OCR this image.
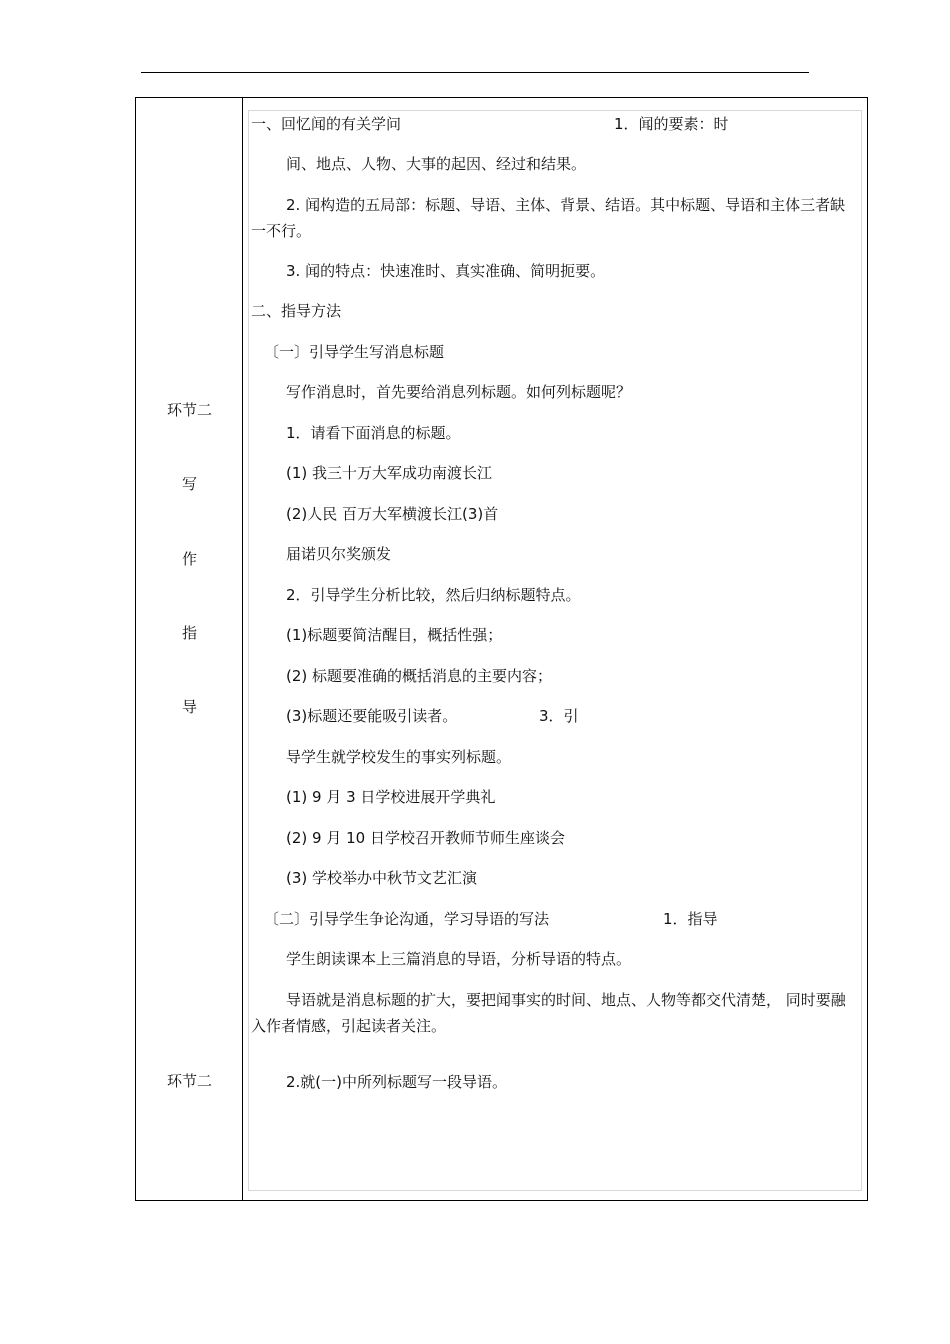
环节二
写
作
指
导
环节二
一、回忆闻的有关学问	1．闻的要素：时
间、地点、人物、大事的起因、经过和结果。
2. 闻构造的五局部：标题、导语、主体、背景、结语。其中标题、导语和主体三者缺一不行。
3. 闻的特点：快速准时、真实准确、简明扼要。
二、指导方法
〔一〕引导学生写消息标题
写作消息时，首先要给消息列标题。如何列标题呢？
1．请看下面消息的标题。
(1) 我三十万大军成功南渡长江
(2)人民 百万大军横渡长江(3)首
届诺贝尔奖颁发
2．引导学生分析比较，然后归纳标题特点。
(1)标题要简洁醒目，概括性强；
(2) 标题要准确的概括消息的主要内容；
(3)标题还要能吸引读者。	3．引
导学生就学校发生的事实列标题。
(1) 9 月 3 日学校进展开学典礼
(2) 9 月 10 日学校召开教师节师生座谈会
(3) 学校举办中秋节文艺汇演
〔二〕引导学生争论沟通，学习导语的写法	1．指导
学生朗读课本上三篇消息的导语，分析导语的特点。
导语就是消息标题的扩大，要把闻事实的时间、地点、人物等都交代清楚， 同时要融入作者情感，引起读者关注。
2.就(一)中所列标题写一段导语。
